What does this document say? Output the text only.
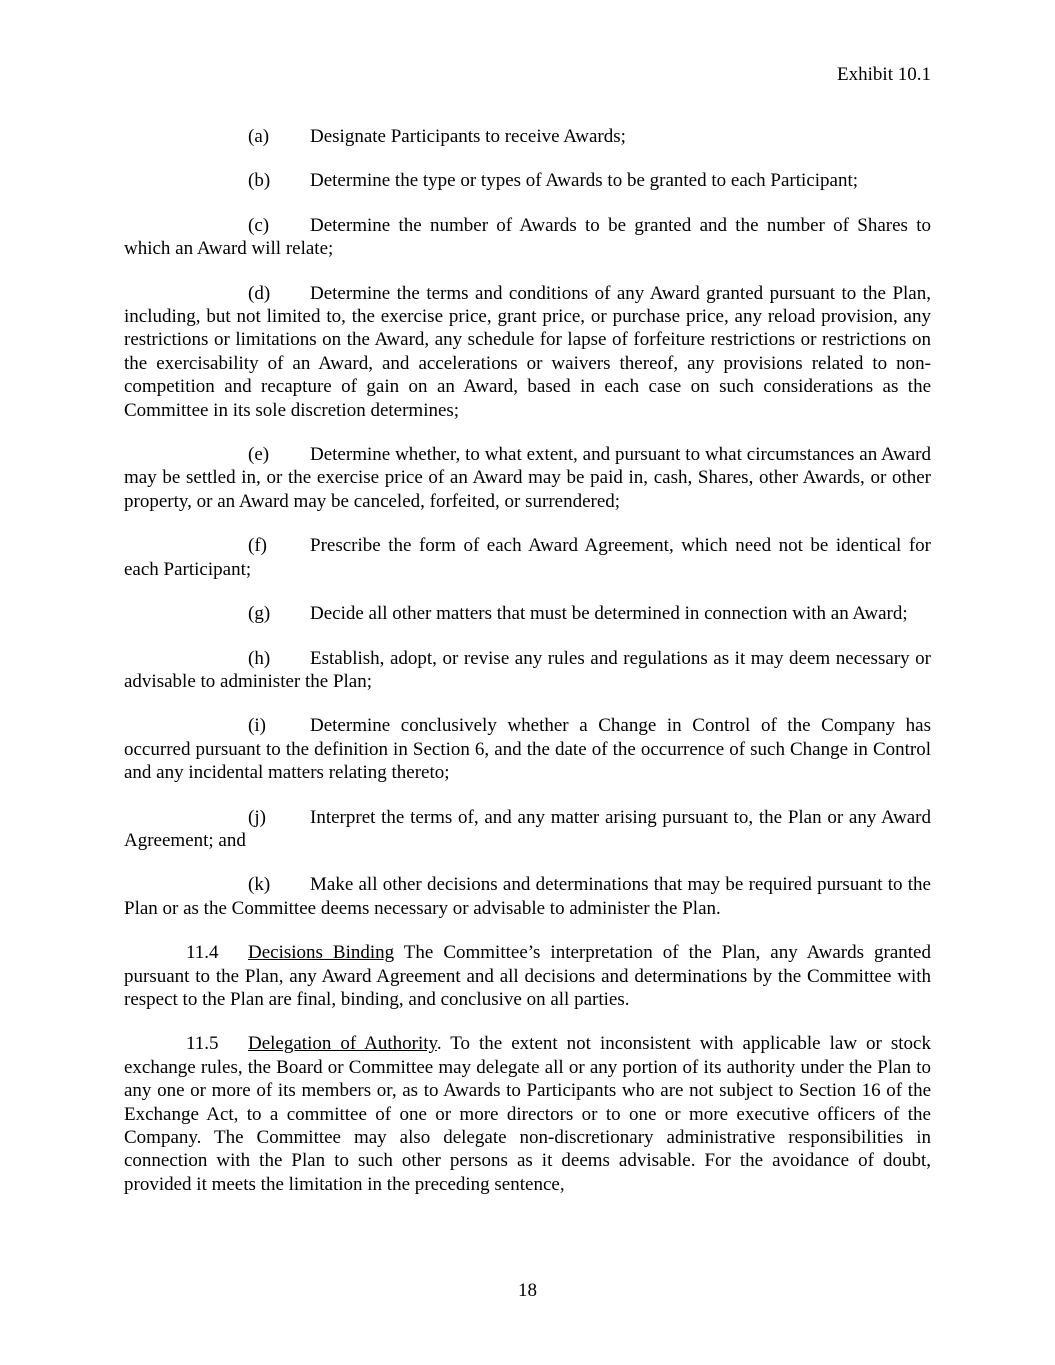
Exhibit 10.1

(a) Designate Participants to receive Awards;

(b) Determine the type or types of Awards to be granted to each Participant;

(c) Determine the number of Awards to be granted and the number of Shares to which an Award will relate;

(d) Determine the terms and conditions of any Award granted pursuant to the Plan, including, but not limited to, the exercise price, grant price, or purchase price, any reload provision, any restrictions or limitations on the Award, any schedule for lapse of forfeiture restrictions or restrictions on the exercisability of an Award, and accelerations or waivers thereof, any provisions related to non-competition and recapture of gain on an Award, based in each case on such considerations as the Committee in its sole discretion determines;

(e) Determine whether, to what extent, and pursuant to what circumstances an Award may be settled in, or the exercise price of an Award may be paid in, cash, Shares, other Awards, or other property, or an Award may be canceled, forfeited, or surrendered;

(f) Prescribe the form of each Award Agreement, which need not be identical for each Participant;

(g) Decide all other matters that must be determined in connection with an Award;

(h) Establish, adopt, or revise any rules and regulations as it may deem necessary or advisable to administer the Plan;

(i) Determine conclusively whether a Change in Control of the Company has occurred pursuant to the definition in Section 6, and the date of the occurrence of such Change in Control and any incidental matters relating thereto;

(j) Interpret the terms of, and any matter arising pursuant to, the Plan or any Award Agreement; and

(k) Make all other decisions and determinations that may be required pursuant to the Plan or as the Committee deems necessary or advisable to administer the Plan.

11.4 Decisions Binding The Committee’s interpretation of the Plan, any Awards granted pursuant to the Plan, any Award Agreement and all decisions and determinations by the Committee with respect to the Plan are final, binding, and conclusive on all parties.

11.5 Delegation of Authority. To the extent not inconsistent with applicable law or stock exchange rules, the Board or Committee may delegate all or any portion of its authority under the Plan to any one or more of its members or, as to Awards to Participants who are not subject to Section 16 of the Exchange Act, to a committee of one or more directors or to one or more executive officers of the Company. The Committee may also delegate non-discretionary administrative responsibilities in connection with the Plan to such other persons as it deems advisable. For the avoidance of doubt, provided it meets the limitation in the preceding sentence,

18
